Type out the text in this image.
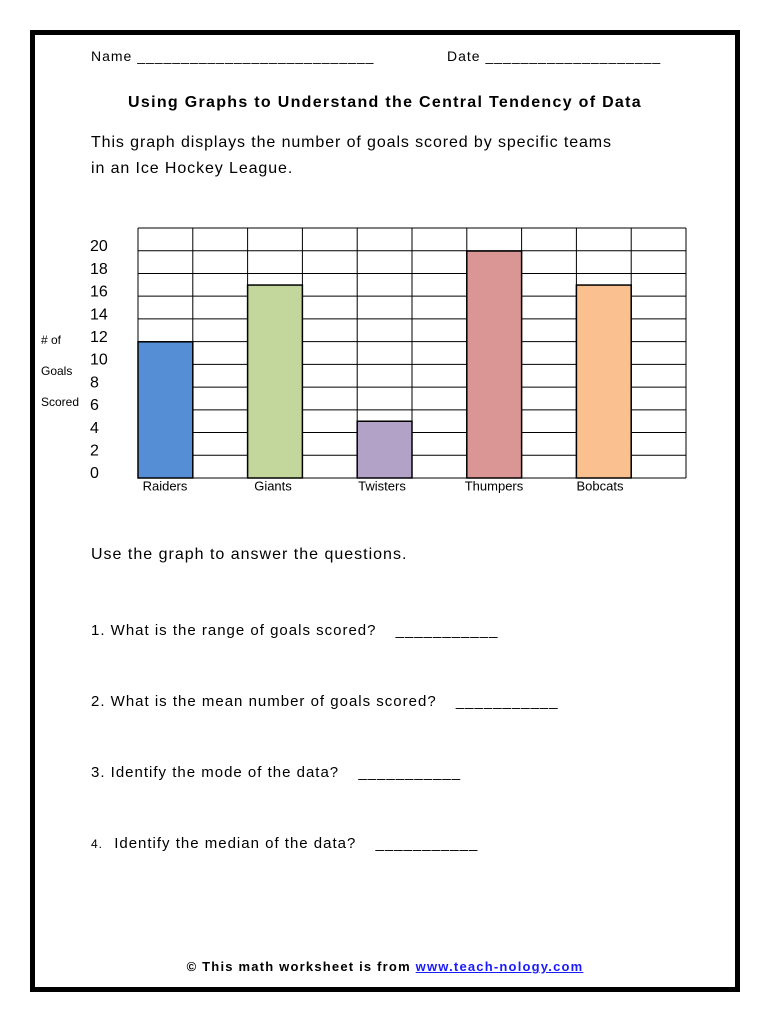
Name ___________________________	Date ____________________
Using Graphs to Understand the Central Tendency of Data
This graph displays the number of goals scored by specific teams
in an Ice Hockey League.
20
18
16
14
12
10
8
6
4
2
0
# of
Goals
Scored
Raiders	Giants	Twisters	Thumpers	Bobcats
Use the graph to answer the questions.
1. What is the range of goals scored? ___________
2. What is the mean number of goals scored? ___________
3. Identify the mode of the data? ___________
4. Identify the median of the data? ___________
© This math worksheet is from www.teach-nology.com
